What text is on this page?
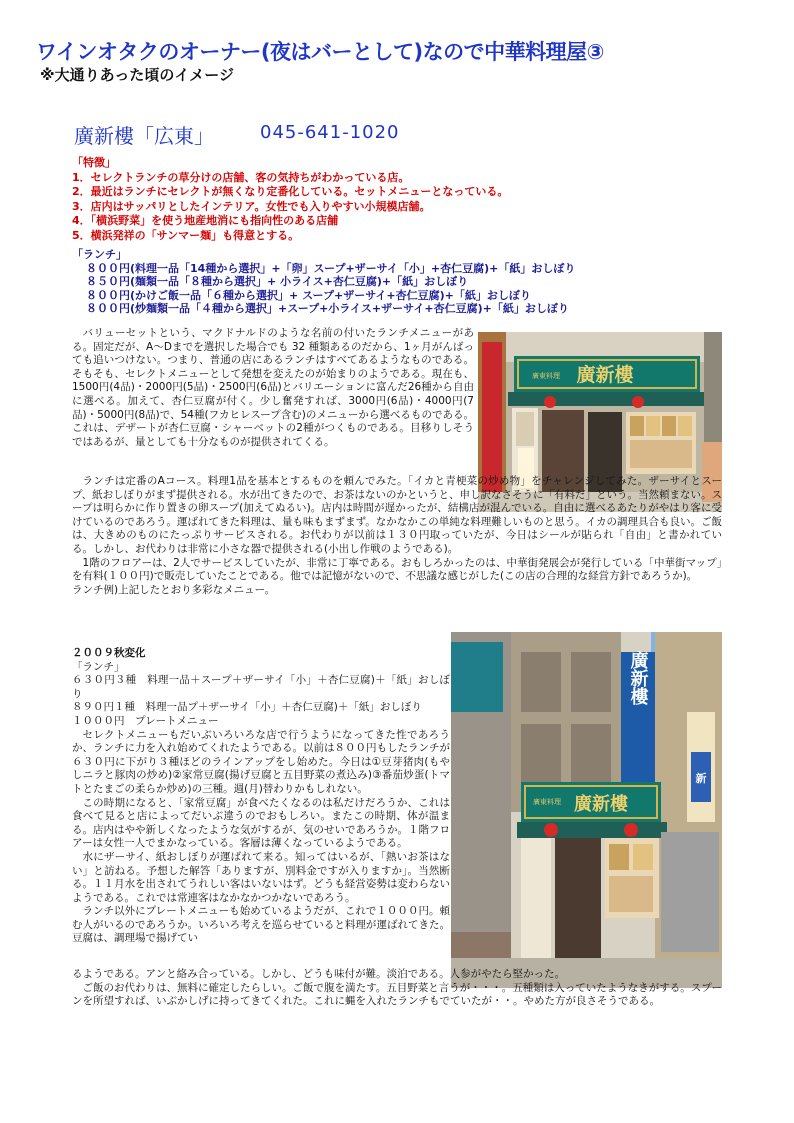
ワインオタクのオーナー(夜はバーとして)なので中華料理屋③
※大通りあった頃のイメージ
廣新樓「広東」	045-641-1020
「特徴」
1．セレクトランチの草分けの店舗、客の気持ちがわかっている店。
2．最近はランチにセレクトが無くなり定番化している。セットメニューとなっている。
3．店内はサッパリとしたインテリア。女性でも入りやすい小規模店舗。
4．「横浜野菜」を使う地産地消にも指向性のある店舗
5．横浜発祥の「サンマー麺」も得意とする。
「ランチ」
８００円(料理一品「14種から選択」+「卵」スープ+ザーサイ「小」+杏仁豆腐)+「紙」おしぼり
８５０円(麺類一品「８種から選択」+ 小ライス+杏仁豆腐)+「紙」おしぼり
８００円(かけご飯一品「６種から選択」+ スープ+ザーサイ+杏仁豆腐)+「紙」おしぼり
８００円(炒麺類一品「４種から選択」+スープ+小ライス+ザーサイ+杏仁豆腐)+「紙」おしぼり

バリューセットという、マクドナルドのような名前の付いたランチメニューがある。固定だが、A～Dまでを選択した場合でも 32 種類あるのだから、1ヶ月がんばっても追いつけない。つまり、普通の店にあるランチはすべてあるようなものである。そもそも、セレクトメニューとして発想を変えたのが始まりのようである。現在も、1500円(4品)・2000円(5品)・2500円(6品)とバリエーションに富んだ26種から自由に選べる。加えて、杏仁豆腐が付く。少し奮発すれば、3000円(6品)・4000円(7品)・5000円(8品)で、54種(フカヒレスープ含む)のメニューから選べるものである。これは、デザートが杏仁豆腐・シャーベットの2種がつくものである。目移りしそうではあるが、量としても十分なものが提供されてくる。

廣新樓
廣東料理

ランチは定番のAコース。料理1品を基本とするものを頼んでみた。「イカと青梗菜の炒め物」をチャレンジしてみた。ザーサイとスープ、紙おしぼりがまず提供される。水が出てきたので、お茶はないのかというと、申し訳なさそうに「有料だ」という。当然頼まない。スープは明らかに作り置きの卵スープ(加えてぬるい)。店内は時間が遅かったが、結構店が混んでいる。自由に選べるあたりがやはり客に受けているのであろう。運ばれてきた料理は、量も味もまずまず。なかなかこの単純な料理難しいものと思う。イカの調理具合も良い。ご飯は、大きめのものにたっぷりサービスされる。お代わりが以前は１３０円取っていたが、今日はシールが貼られ「自由」と書かれている。しかし、お代わりは非常に小さな器で提供される(小出し作戦のようである)。

1階のフロアーは、2人でサービスしていたが、非常に丁寧である。おもしろかったのは、中華街発展会が発行している「中華街マップ」を有料(１００円)で販売していたことである。他では記憶がないので、不思議な感じがした(この店の合理的な経営方針であろうか)。

ランチ例)上記したとおり多彩なメニュー。

２００９秋変化

「ランチ」

６３０円３種　料理一品＋スープ＋ザーサイ「小」＋杏仁豆腐)＋「紙」おしぼり

８９０円１種　料理一品プ＋ザーサイ「小」＋杏仁豆腐)＋「紙」おしぼり

１０００円　プレートメニュー

セレクトメニューもだいぶいろいろな店で行うようになってきた性であろうか、ランチに力を入れ始めてくれたようである。以前は８００円もしたランチが６３０円に下がり３種ほどのラインアップをし始めた。今日は①豆芽猪肉(もやしニラと豚肉の炒め)②家常豆腐(揚げ豆腐と五目野菜の煮込み)③番茄炒蛋(トマトとたまごの柔らか炒め)の三種。週(月)替わりかもしれない。

この時期になると、「家常豆腐」が食べたくなるのは私だけだろうか、これは食べて見ると店によってだいぶ違うのでおもしろい。またこの時期、体が温まる。店内はやや新しくなったような気がするが、気のせいであろうか。１階フロアーは女性一人でまかなっている。客層は薄くなっているようである。

水にザーサイ、紙おしぼりが運ばれて来る。知ってはいるが、「熱いお茶はない」と訪ねる。予想した解答「ありますが、別料金ですが入りますか」。当然断る。１１月水を出されてうれしい客はいないはず。どうも経営姿勢は変わらないようである。これでは常連客はなかなかつかないであろう。

ランチ以外にプレートメニューも始めているようだが、これで１０００円。頼む人がいるのであろうか。いろいろ考えを巡らせていると料理が運ばれてきた。豆腐は、調理場で揚げてい

廣新樓
新
廣新樓
廣東料理

るようである。アンと絡み合っている。しかし、どうも味付が難。淡泊である。人参がやたら堅かった。

ご飯のお代わりは、無料に確定したらしい。ご飯で腹を満たす。五目野菜と言うが・・・。五種類は入っていたようなきがする。スプーンを所望すれば、いぶかしげに持ってきてくれた。これに蝿を入れたランチもでていたが・・。やめた方が良さそうである。
